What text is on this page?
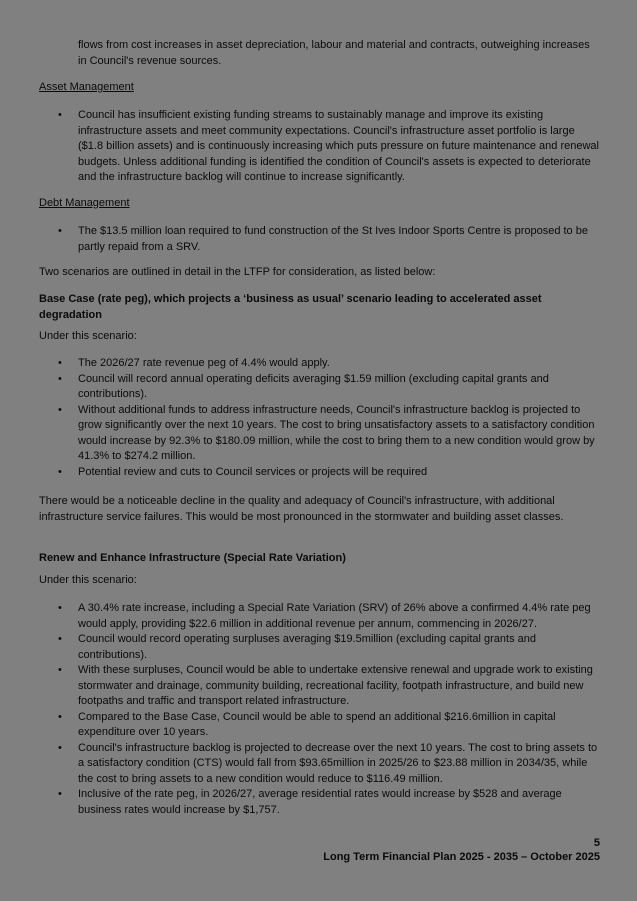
flows from cost increases in asset depreciation, labour and material and contracts, outweighing increases in Council's revenue sources.
Asset Management
• Council has insufficient existing funding streams to sustainably manage and improve its existing infrastructure assets and meet community expectations. Council's infrastructure asset portfolio is large ($1.8 billion assets) and is continuously increasing which puts pressure on future maintenance and renewal budgets. Unless additional funding is identified the condition of Council's assets is expected to deteriorate and the infrastructure backlog will continue to increase significantly.
Debt Management
• The $13.5 million loan required to fund construction of the St Ives Indoor Sports Centre is proposed to be partly repaid from a SRV.
Two scenarios are outlined in detail in the LTFP for consideration, as listed below:
Base Case (rate peg), which projects a ‘business as usual’ scenario leading to accelerated asset degradation
Under this scenario:
• The 2026/27 rate revenue peg of 4.4% would apply.
• Council will record annual operating deficits averaging $1.59 million (excluding capital grants and contributions).
• Without additional funds to address infrastructure needs, Council's infrastructure backlog is projected to grow significantly over the next 10 years. The cost to bring unsatisfactory assets to a satisfactory condition would increase by 92.3% to $180.09 million, while the cost to bring them to a new condition would grow by 41.3% to $274.2 million.
• Potential review and cuts to Council services or projects will be required
There would be a noticeable decline in the quality and adequacy of Council's infrastructure, with additional infrastructure service failures. This would be most pronounced in the stormwater and building asset classes.
Renew and Enhance Infrastructure (Special Rate Variation)
Under this scenario:
• A 30.4% rate increase, including a Special Rate Variation (SRV) of 26% above a confirmed 4.4% rate peg would apply, providing $22.6 million in additional revenue per annum, commencing in 2026/27.
• Council would record operating surpluses averaging $19.5million (excluding capital grants and contributions).
• With these surpluses, Council would be able to undertake extensive renewal and upgrade work to existing stormwater and drainage, community building, recreational facility, footpath infrastructure, and build new footpaths and traffic and transport related infrastructure.
• Compared to the Base Case, Council would be able to spend an additional $216.6million in capital expenditure over 10 years.
• Council's infrastructure backlog is projected to decrease over the next 10 years. The cost to bring assets to a satisfactory condition (CTS) would fall from $93.65million in 2025/26 to $23.88 million in 2034/35, while the cost to bring assets to a new condition would reduce to $116.49 million.
• Inclusive of the rate peg, in 2026/27, average residential rates would increase by $528 and average business rates would increase by $1,757.
5
Long Term Financial Plan 2025 - 2035 – October 2025
